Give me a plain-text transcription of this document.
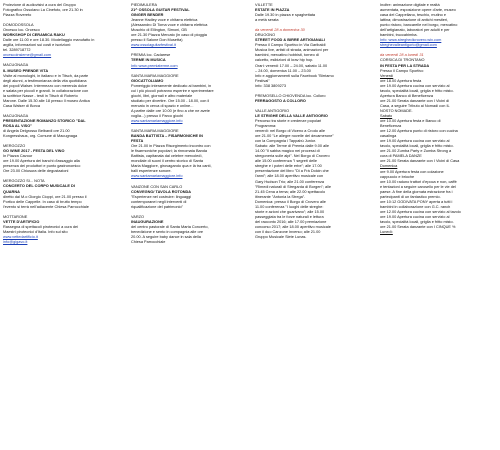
Proiezione di audiovisivi a cura del Gruppo

Fotografico Ossolano La Cinefoto, ore 21.30 in

Piazza Rovereto

DOMODOSSOLA

Orcesco loc. Orcesco

WORKSHOP DI CERAMICA RAKU

Dalle ore 11.00 e ore 18.30. Modellaggio manufatto in

argilla, informazioni sui costi e iscrizioni:

tel. 3289718772

orcescoinsieme@gmail.com

MACUGNAGA

IL MUSEO PRENDE VITA

Visite al monologhi, in italiano e in Titsch, da parte

degli alunni, a testimonianza della vita quotidiana

dei popoli Walser. Intermezzo con merenda dolce

e salata per piccoli e grandi. In collaborazione con

la scrittrice Nasse - testi in Titsch di Roberto

Marone. Dalle 15.30 alle 18 presso Il museo Antica

Casa Walser di Borca

MACUGNAGA

PRESENTAZIONE ROMANZO STORICO "DAL

ROSA AL VISO"

di Angela Delgrosso Belbardi ore 21.00

Kongresshaus, org. Comune di Macugnaga

MERGOZZO

GO WINE 2017 - FESTA DEL VINO

In Piazza Cavour

ore 19.00 Apertura dei banchi d'assaggio alla

presenza dei produttori e punto gastronomico

Ore 23.00 Chiusura delle degustazioni

MERGOZZO SI... NOTA

CONCERTO DEL CORPO MUSICALE DI

QUARNA

diretto dal M.o Giorgio Cioppi, ore 21.00 presso il

Portico delle Cappelle. In caso di brutto tempo

l'evento si terrà nell'adiacente Chiesa Parrocchiale

MOTTARONE

VETTE D'ARTIFICIO

Rassegna di spettacoli pirotecnici a cura dei

Maestri pirotecnici d'Italia. Info sul sito

www.vettedartificio.it

info@gigavo.it

PIEDIMULERA

21^ OSSOLA GUITAR FESTIVAL

GINGER BENDER

Jeanne Hadley voce e chitarra elettrica

(Alessandro Di Toma voce e chitarra elettrica

Muschio di Ellington, Simoni, GB

ore 21.30 Piazza Mercato (in caso di pioggia

presso il Salone Don Musetta)

www.ossolaguitarfestival.it

PREMIA loc. Cadarese

TERME IN MUSICA

Info www.premiaterme.com

SANTA MARIA MAGGIORE

GIOCATTOLIAMO

Pomeriggio interamente dedicato ai bambini, in

cui i più piccoli potranno esperire e sperimentare

giochi, libri, giornali e altro materiale

studiato per divertire. Ore 15.00 - 18.00, con il

mercato in cerca di spazio e online...

A partire dalle ore 10.00 (e fino a che ne avete

voglia...) presso il Parco giochi

www.santamariamaggiore.info

SANTA MARIA MAGGIORE

BANDA BATTISTA – FISARMONICHE IN

FESTA

Ore 21.00 in Piazza Risorgimento incontro con

le fisarmoniche popolari; la rinnomata Banda

Battista, capitanata dal celebre mercoledì,

mondiale di suoni il centro storico di Santa

Maria Maggiore, girovagando qua e là tra canti,

balli esperienze sonore.

www.santamariamaggiore.info

VANZONE CON SAN CARLO

CONVEGNO/ TAVOLA ROTONDA

"Esperienze nel costruire: linguaggi

contemporanei negli interventi di

riqualificazione del patrimonio"

VARZO

INAUGURAZIONE

del centro pastorale di Santa Marta Concerto,

benedizione e sento in compagnia alle ore

20.00. A seguire baby dance in sala della

Chiesa Parrocchiale

VILLETTE

ESTATE IN PIAZZA

Dalle 19.30 in piazza e spaghettata

a metà serata

da venerdì 28 a domenica 30

DRUOGNO

STREET FOOD & BIRRE ARTIGIANALI

Presso il Campo Sportivo in Via Garibaldi

Musica live, artisti di strada, animazioni per

bambini, mercatino hobbisti, torneo di

calcetto, esibizioni di krav hip hop.

Orari: venerdì 17.00 – 24.00, sabato 11.00

– 24.00, domenica 11.00 – 23.00

Info e aggiornamenti sulla Facebook "Birriamo

Festival"

Info: 338 3809273

PREMOSELLO CHIOVENDA loc. Colloro

FERRAGOSTO A COLLORO

VALLE ANTIGORIO

LE STRIGHE DELLA VALLE ANTIGORIO

Percorso tra storie e credenze popolari

Programma:

venerdì: nel Borgo di Viceno a Crodo alle

ore 21.00 "Le allegre novelle del decamerone"

con la Compagnia i Tappabù Junior.

Sabato: alle Terme di Premia dalle 9.00 alle

14.00 "Il sabba magico nei processi di

stregoneria sulle alpi". Nel Borgo di Crovero

alle 15.00 conferenza "I segreti delle

streghe e i poteri delle erbe"; alle 17.00

presentazione del libro "Di a Frà Dolcin che

l'anni"; alle 18.00 aperitivo musicale con

Gary Hudson Trio; alle 21.00 conferenza

"Rimedi naturali di Stregarda di Borgen"; alle

21.45 Cena a tema; alle 22.00 spettacolo

itinerante "Antonia la Strega".

Domenica: presso il Borgo di Crovero alle

11.00 conferenza "I luoghi delle streghe:

storie e azioni che guarivano"; alle 15.00

passeggiata tra le forze naturali e lettura

del racconto 2016; alle 17.00 premiazione

concorso 2017; alle 18.00 aperitivo musicale

con il duo Canzone Inverso; alle 21.00

Gruppo Musicale Siete Lunas.

Inoltre: animazione digitale e realtà

aumentata, esposizione opere d'arte, museo

casa del Cappellano, teschio, mutino e

lattina; dimostrazione di antichi mestieri,

punto ristoro, bancarelle nel borgo, mercatino

dell'artigianato, laboratori per adulti e per

bambini, truccabimba.

Info: www.streghedicrovero.wix.com

streghevalleantigorio@gmail.com

da venerdì 28 a lunedì 31

CORSICA DI TRONTANO

IN FESTA PER LA STRADA

Presso il Campo Sportivo

Venerdì

ore 18.00 Apertura festa

ore 19.00 Apertura cucina con servizio al

tavolo, specialità locali, griglia e fritto misto.

Apertura Banco di Beneficenza

ore 21.00 Serata danzante con I Vicini di

Casa, a seguire Tributo ai Nomadi con IL

NOSTO NOMADE.

Sabato

ore 10.00 Apertura festa e Banco di

Beneficenza

ore 12.00 Apertura punto di ristoro con cucina

casalinga

ore 19.00 Apertura cucina con servizio al

tavolo, specialità locali, griglia e fritto misto.

ore 21.00 Zumba Party e Zumba Strong a

cura di PAMELA DANZE

ore 21.00 Serata danzante con I Vicini di Casa

Domenica

ore 9.00 Apertura festa con colazione

cappuccio e brioche

ore 10.00 raduno trattori d'epoca e non, caffè

e tentazioni a seguire carosello per le vie del

paese. A fine della giornata estrazione fra i

partecipanti di un fantastico premio.

ore 10:12 GODIVATA PONY aperta a tutti i

bambini in collaborazione con G.C. ranch

ore 12.00 Apertura cucina con servizio al tavolo

ore 19.00 Apertura cucina con servizio al

tavolo, specialità locali, griglia e fritto misto.

ore 21.00 Serata danzante con I CINQUE %

Lunedì:
